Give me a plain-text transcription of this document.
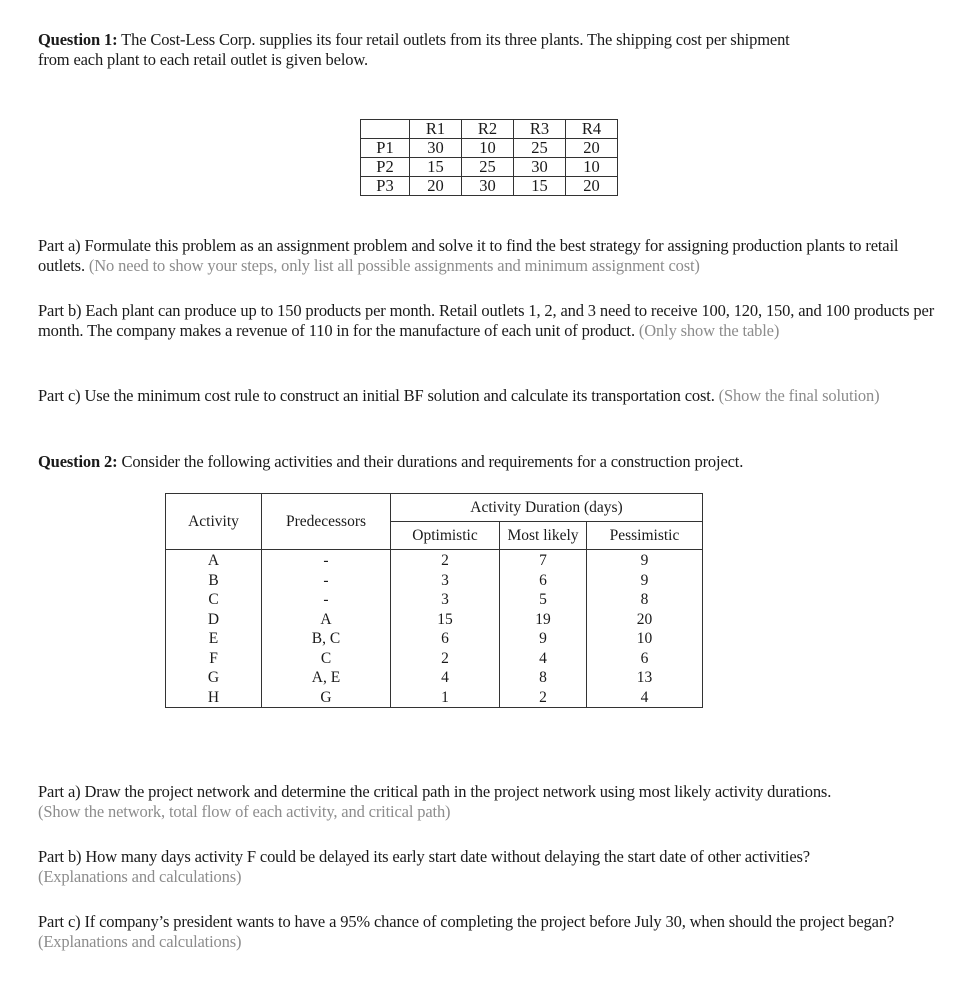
Question 1: The Cost-Less Corp. supplies its four retail outlets from its three plants. The shipping cost per shipment
from each plant to each retail outlet is given below.
	R1	R2	R3	R4
P1	30	10	25	20
P2	15	25	30	10
P3	20	30	15	20
Part a) Formulate this problem as an assignment problem and solve it to find the best strategy for assigning production plants to retail outlets. (No need to show your steps, only list all possible assignments and minimum assignment cost)
Part b) Each plant can produce up to 150 products per month. Retail outlets 1, 2, and 3 need to receive 100, 120, 150, and 100 products per month. The company makes a revenue of 110 in for the manufacture of each unit of product. (Only show the table)
Part c) Use the minimum cost rule to construct an initial BF solution and calculate its transportation cost. (Show the final solution)
Question 2: Consider the following activities and their durations and requirements for a construction project.
Activity	Predecessors	Activity Duration (days)		
		Optimistic	Most likely	Pessimistic
A	-	2	7	9
B	-	3	6	9
C	-	3	5	8
D	A	15	19	20
E	B, C	6	9	10
F	C	2	4	6
G	A, E	4	8	13
H	G	1	2	4
Part a) Draw the project network and determine the critical path in the project network using most likely activity durations.
(Show the network, total flow of each activity, and critical path)
Part b) How many days activity F could be delayed its early start date without delaying the start date of other activities?
(Explanations and calculations)
Part c) If company’s president wants to have a 95% chance of completing the project before July 30, when should the project began? (Explanations and calculations)
